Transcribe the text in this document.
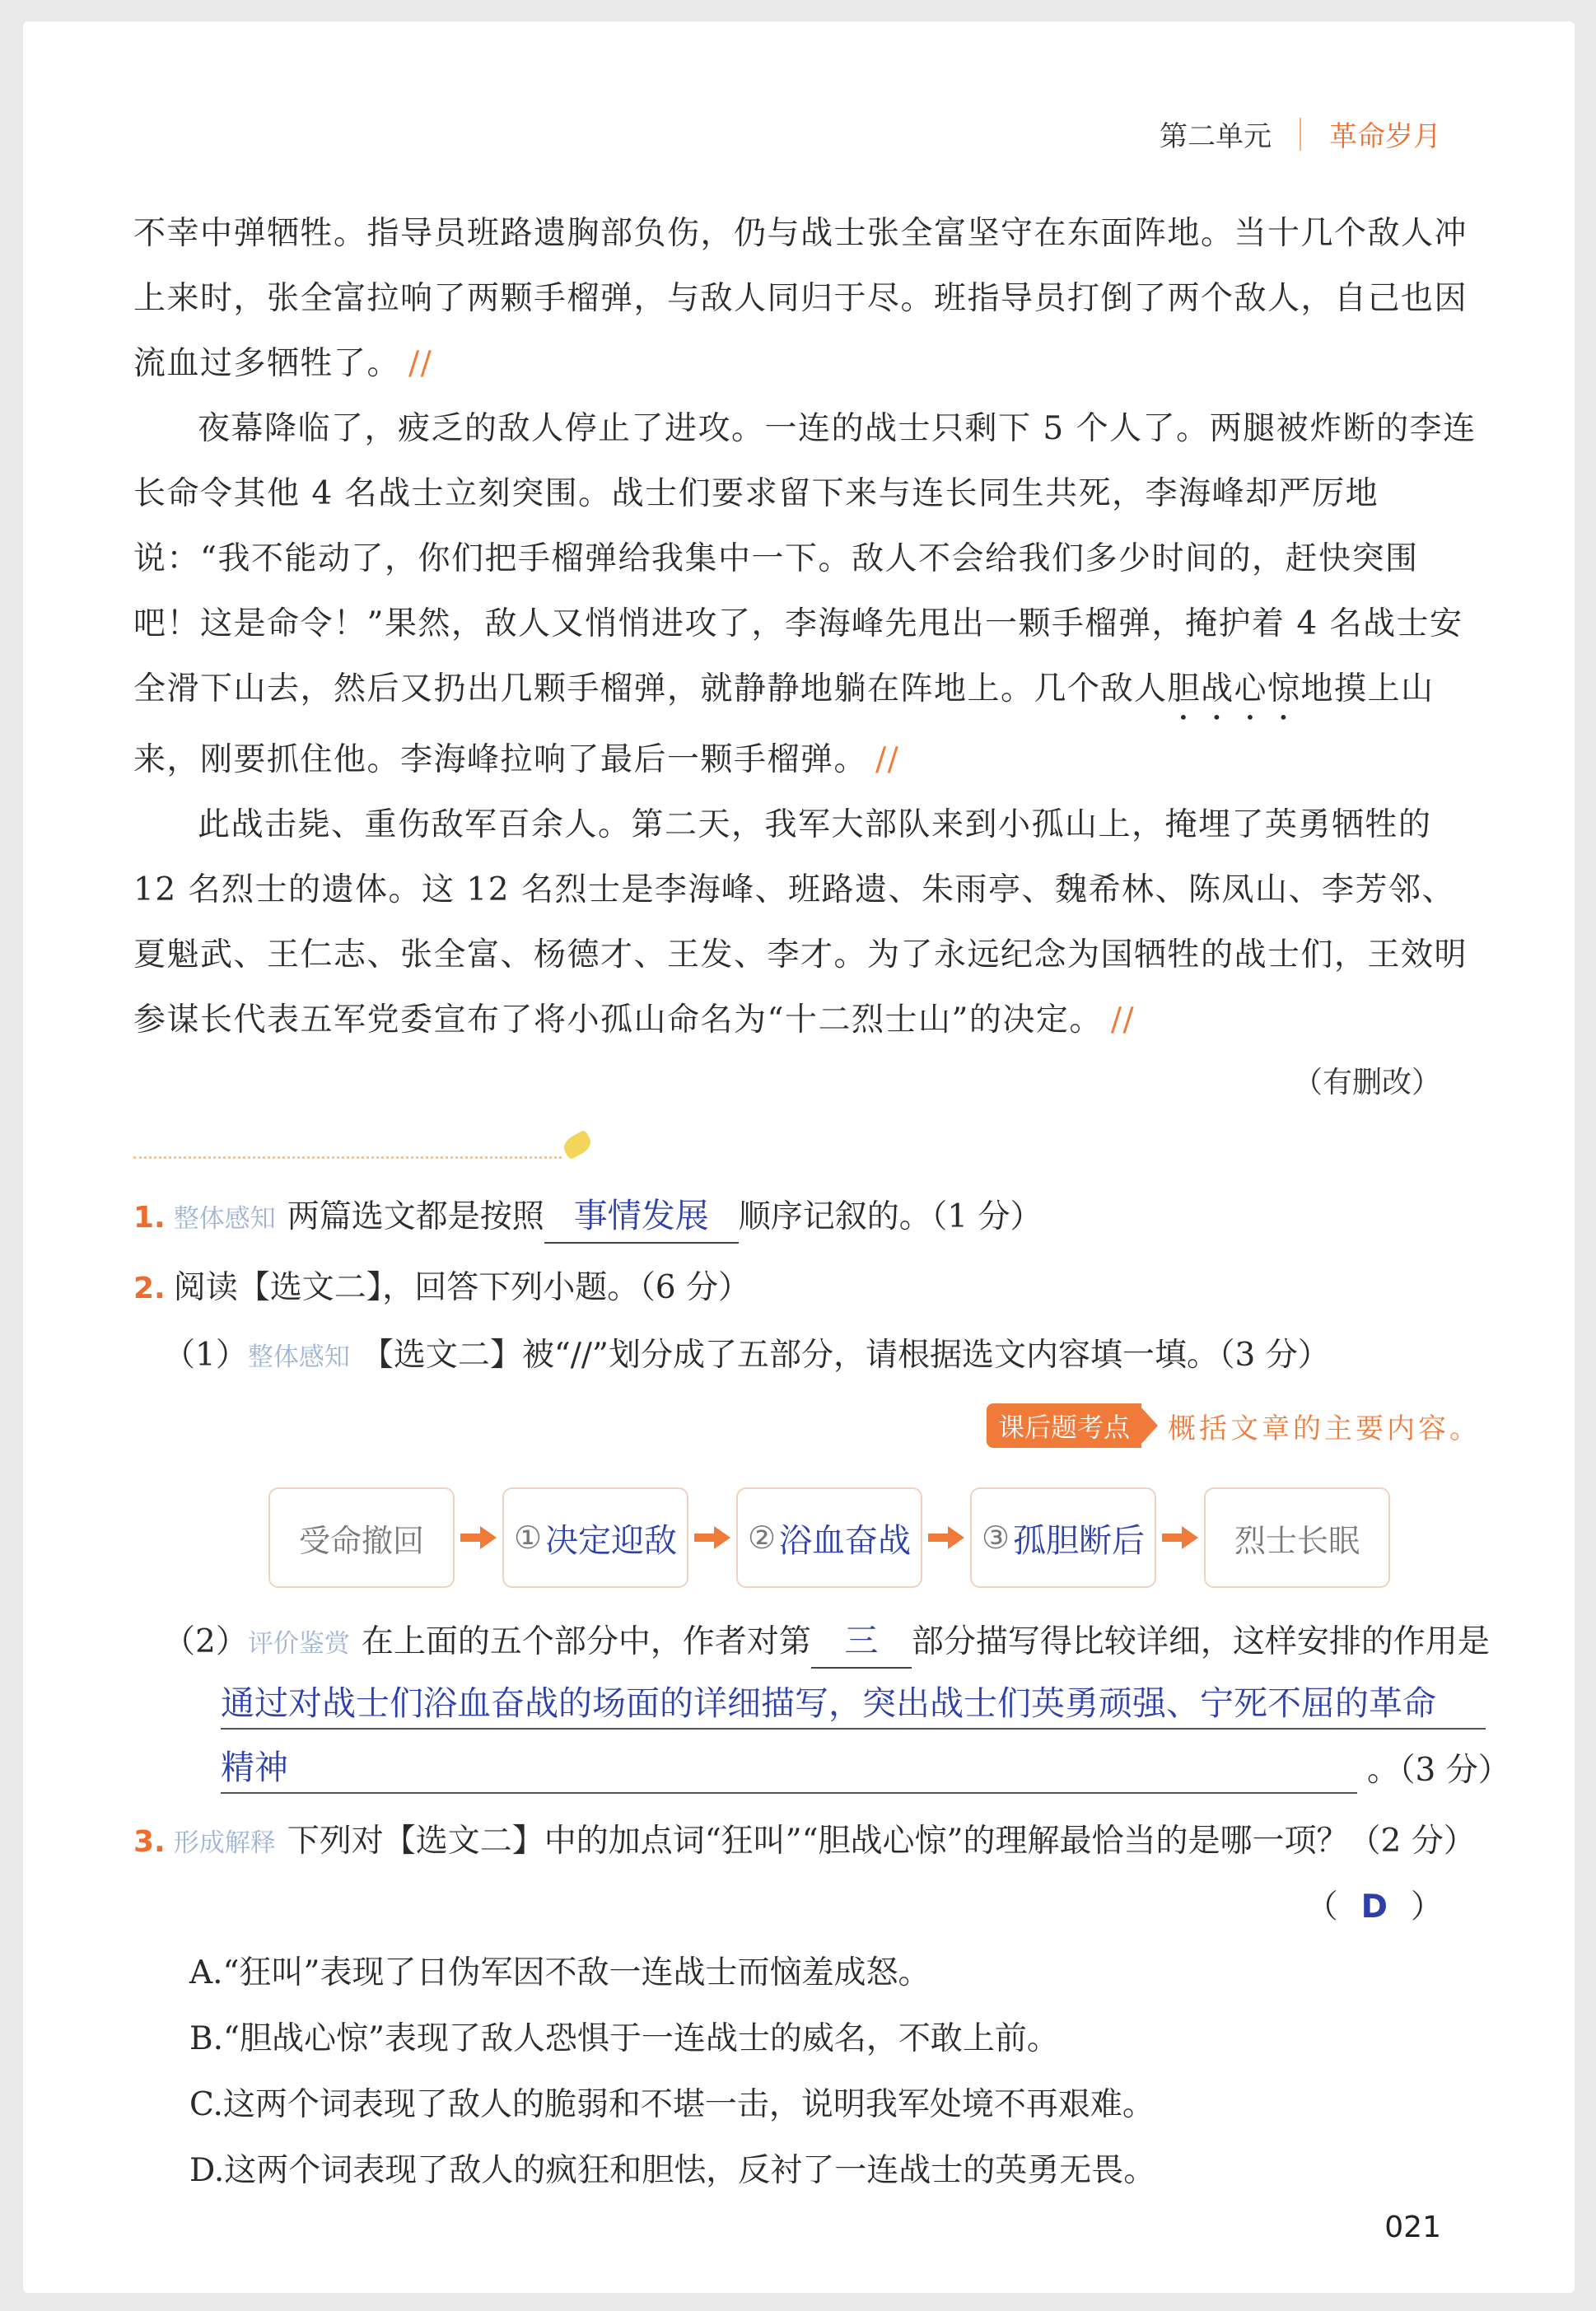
第二单元 革命岁月

不幸中弹牺牲。指导员班路遗胸部负伤，仍与战士张全富坚守在东面阵地。当十几个敌人冲上来时，张全富拉响了两颗手榴弹，与敌人同归于尽。班指导员打倒了两个敌人，自己也因流血过多牺牲了。 //

夜幕降临了，疲乏的敌人停止了进攻。一连的战士只剩下 5 个人了。两腿被炸断的李连长命令其他 4 名战士立刻突围。战士们要求留下来与连长同生共死，李海峰却严厉地说：“我不能动了，你们把手榴弹给我集中一下。敌人不会给我们多少时间的，赶快突围吧！这是命令！”果然，敌人又悄悄进攻了，李海峰先甩出一颗手榴弹，掩护着 4 名战士安全滑下山去，然后又扔出几颗手榴弹，就静静地躺在阵地上。几个敌人胆战心惊地摸上山来，刚要抓住他。李海峰拉响了最后一颗手榴弹。 //

此战击毙、重伤敌军百余人。第二天，我军大部队来到小孤山上，掩埋了英勇牺牲的 12 名烈士的遗体。这 12 名烈士是李海峰、班路遗、朱雨亭、魏希林、陈凤山、李芳邻、夏魁武、王仁志、张全富、杨德才、王发、李才。为了永远纪念为国牺牲的战士们，王效明参谋长代表五军党委宣布了将小孤山命名为“十二烈士山”的决定。 //

（有删改）
1. 整体感知 两篇选文都是按照 事情发展 顺序记叙的。（1 分）
2. 阅读【选文二】，回答下列小题。（6 分）
（1）整体感知 【选文二】被“//”划分成了五部分，请根据选文内容填一填。（3 分）
课后题考点	概括文章的主要内容。
受命撤回	① 决定迎敌 ② 浴血奋战 ③ 孤胆断后	烈士长眠
（2）评价鉴赏 在上面的五个部分中，作者对第 三	部分描写得比较详细，这样安排的作用是
通过对战士们浴血奋战的场面的详细描写，突出战士们英勇顽强、宁死不屈的革命
精神	。（3 分）
3. 形成解释 下列对【选文二】中的加点词“狂叫”“胆战心惊”的理解最恰当的是哪一项？（2 分）
（ D ）
A.“狂叫”表现了日伪军因不敌一连战士而恼羞成怒。
B.“胆战心惊”表现了敌人恐惧于一连战士的威名，不敢上前。
C.这两个词表现了敌人的脆弱和不堪一击，说明我军处境不再艰难。
D.这两个词表现了敌人的疯狂和胆怯，反衬了一连战士的英勇无畏。
021
